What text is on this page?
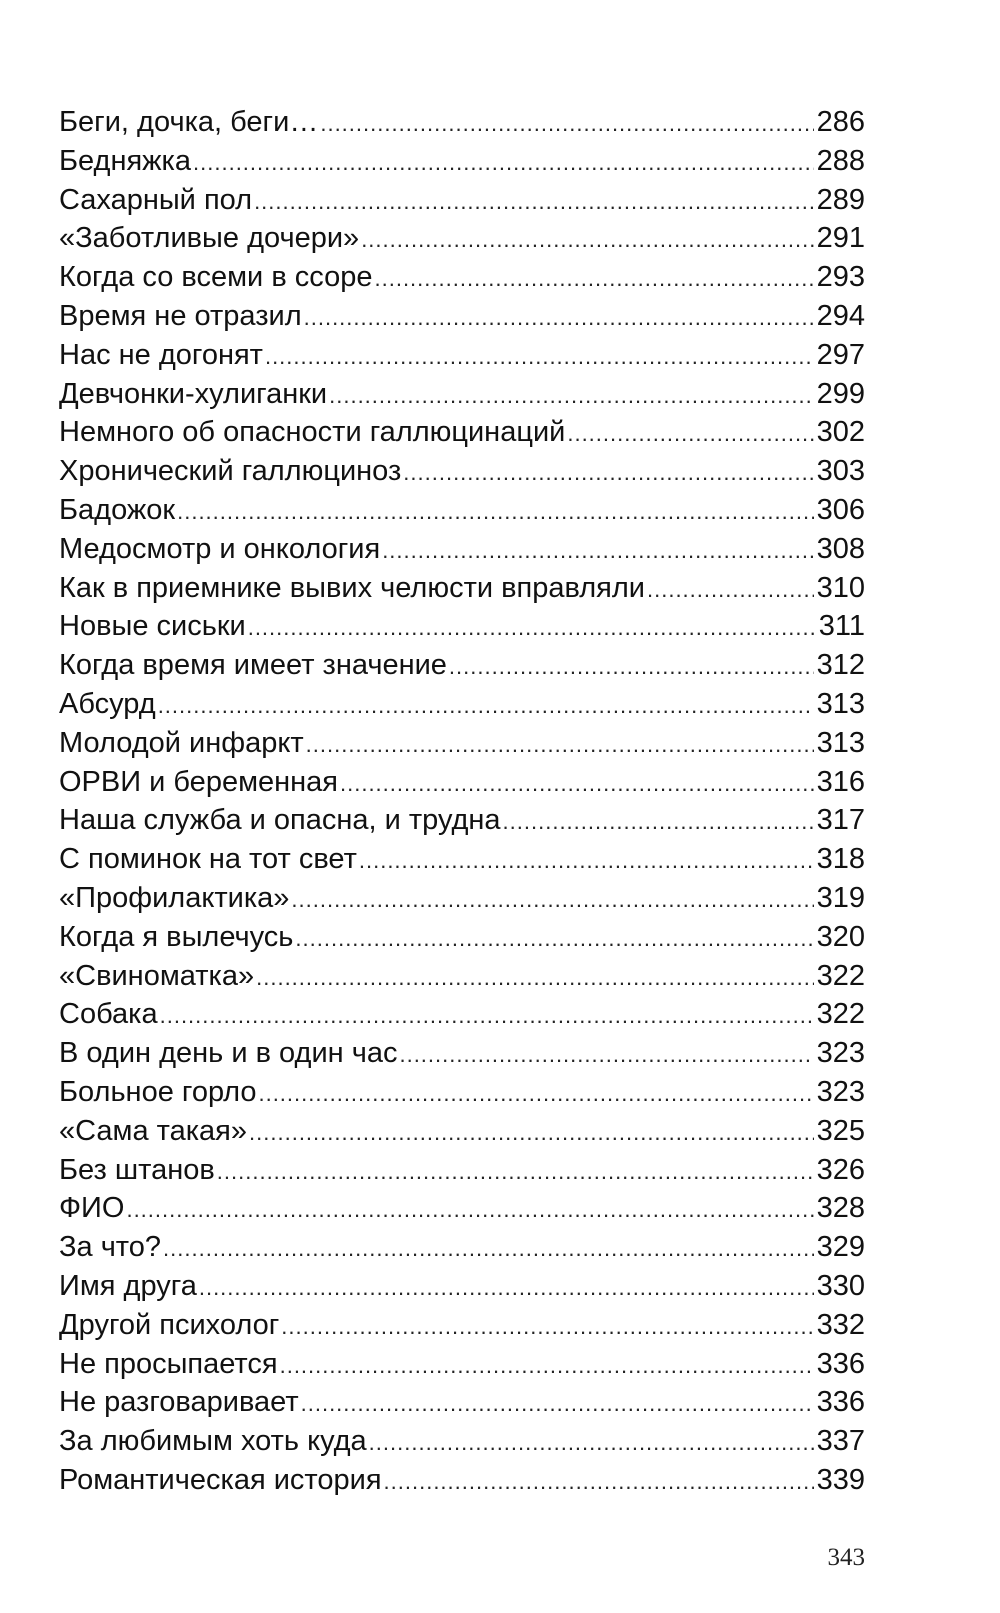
Беги, дочка, беги… .....	286
Бедняжка .....	288
Сахарный пол .....	289
«Заботливые дочери» .....	291
Когда со всеми в ссоре .....	293
Время не отразил .....	294
Нас не догонят .....	297
Девчонки-хулиганки .....	299
Немного об опасности галлюцинаций .....	302
Хронический галлюциноз .....	303
Бадожок .....	306
Медосмотр и онкология .....	308
Как в приемнике вывих челюсти вправляли .....	310
Новые сиськи .....	311
Когда время имеет значение .....	312
Абсурд .....	313
Молодой инфаркт .....	313
ОРВИ и беременная .....	316
Наша служба и опасна, и трудна .....	317
С поминок на тот свет .....	318
«Профилактика» .....	319
Когда я вылечусь .....	320
«Свиноматка» .....	322
Собака .....	322
В один день и в один час .....	323
Больное горло .....	323
«Сама такая» .....	325
Без штанов .....	326
ФИО .....	328
За что? .....	329
Имя друга .....	330
Другой психолог .....	332
Не просыпается .....	336
Не разговаривает .....	336
За любимым хоть куда .....	337
Романтическая история .....	339
343
